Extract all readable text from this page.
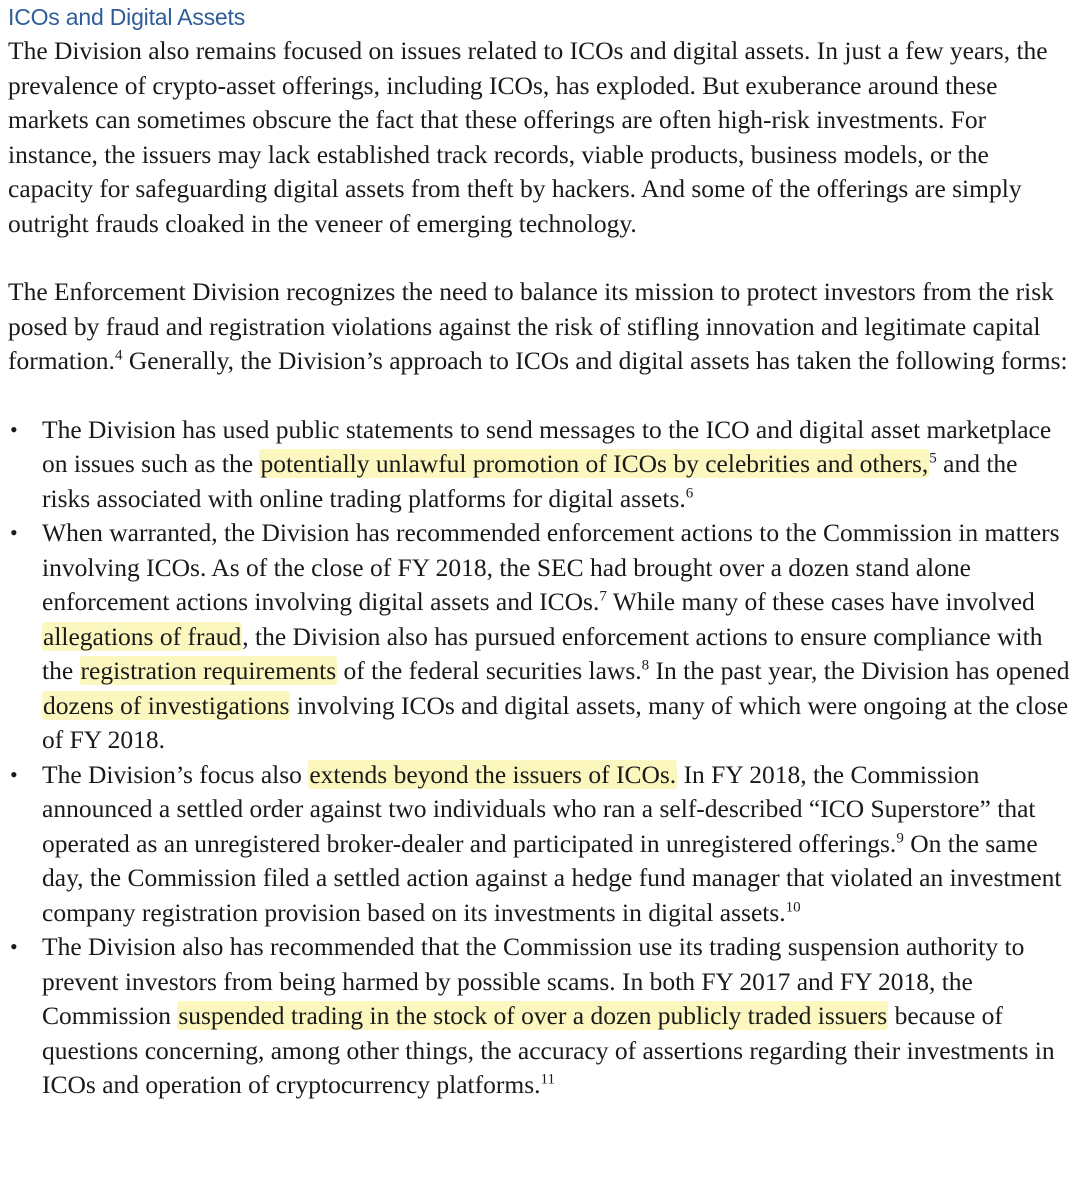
ICOs and Digital Assets

The Division also remains focused on issues related to ICOs and digital assets. In just a few years, the prevalence of crypto-asset offerings, including ICOs, has exploded. But exuberance around these markets can sometimes obscure the fact that these offerings are often high-risk investments. For instance, the issuers may lack established track records, viable products, business models, or the capacity for safeguarding digital assets from theft by hackers. And some of the offerings are simply outright frauds cloaked in the veneer of emerging technology.

The Enforcement Division recognizes the need to balance its mission to protect investors from the risk posed by fraud and registration violations against the risk of stifling innovation and legitimate capital formation.$^4$ Generally, the Division’s approach to ICOs and digital assets has taken the following forms:

• The Division has used public statements to send messages to the ICO and digital asset marketplace on issues such as the potentially unlawful promotion of ICOs by celebrities and others,$^5$ and the risks associated with online trading platforms for digital assets.$^6$
• When warranted, the Division has recommended enforcement actions to the Commission in matters involving ICOs. As of the close of FY 2018, the SEC had brought over a dozen stand alone enforcement actions involving digital assets and ICOs.$^7$ While many of these cases have involved allegations of fraud, the Division also has pursued enforcement actions to ensure compliance with the registration requirements of the federal securities laws.$^8$ In the past year, the Division has opened dozens of investigations involving ICOs and digital assets, many of which were ongoing at the close of FY 2018.
• The Division’s focus also extends beyond the issuers of ICOs. In FY 2018, the Commission announced a settled order against two individuals who ran a self-described “ICO Superstore” that operated as an unregistered broker-dealer and participated in unregistered offerings.$^9$ On the same day, the Commission filed a settled action against a hedge fund manager that violated an investment company registration provision based on its investments in digital assets.$^{10}$
• The Division also has recommended that the Commission use its trading suspension authority to prevent investors from being harmed by possible scams. In both FY 2017 and FY 2018, the Commission suspended trading in the stock of over a dozen publicly traded issuers because of questions concerning, among other things, the accuracy of assertions regarding their investments in ICOs and operation of cryptocurrency platforms.$^{11}$
